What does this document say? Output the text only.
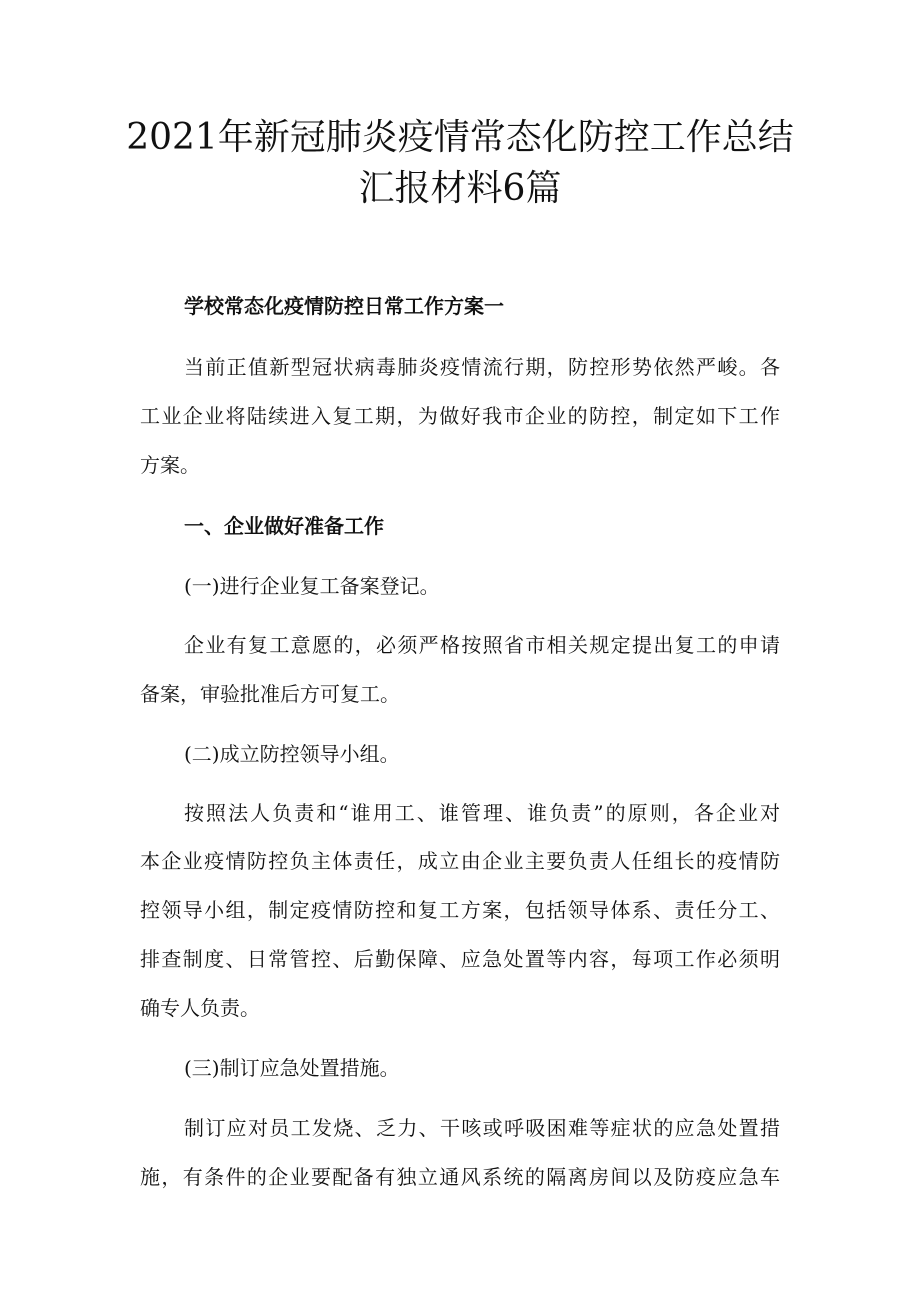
2021年新冠肺炎疫情常态化防控工作总结
汇报材料6篇
学校常态化疫情防控日常工作方案一
当前正值新型冠状病毒肺炎疫情流行期，防控形势依然严峻。各
工业企业将陆续进入复工期，为做好我市企业的防控，制定如下工作
方案。
一、企业做好准备工作
(一)进行企业复工备案登记。
企业有复工意愿的，必须严格按照省市相关规定提出复工的申请
备案，审验批准后方可复工。
(二)成立防控领导小组。
按照法人负责和“谁用工、谁管理、谁负责”的原则，各企业对
本企业疫情防控负主体责任，成立由企业主要负责人任组长的疫情防
控领导小组，制定疫情防控和复工方案，包括领导体系、责任分工、
排查制度、日常管控、后勤保障、应急处置等内容，每项工作必须明
确专人负责。
(三)制订应急处置措施。
制订应对员工发烧、乏力、干咳或呼吸困难等症状的应急处置措
施，有条件的企业要配备有独立通风系统的隔离房间以及防疫应急车
